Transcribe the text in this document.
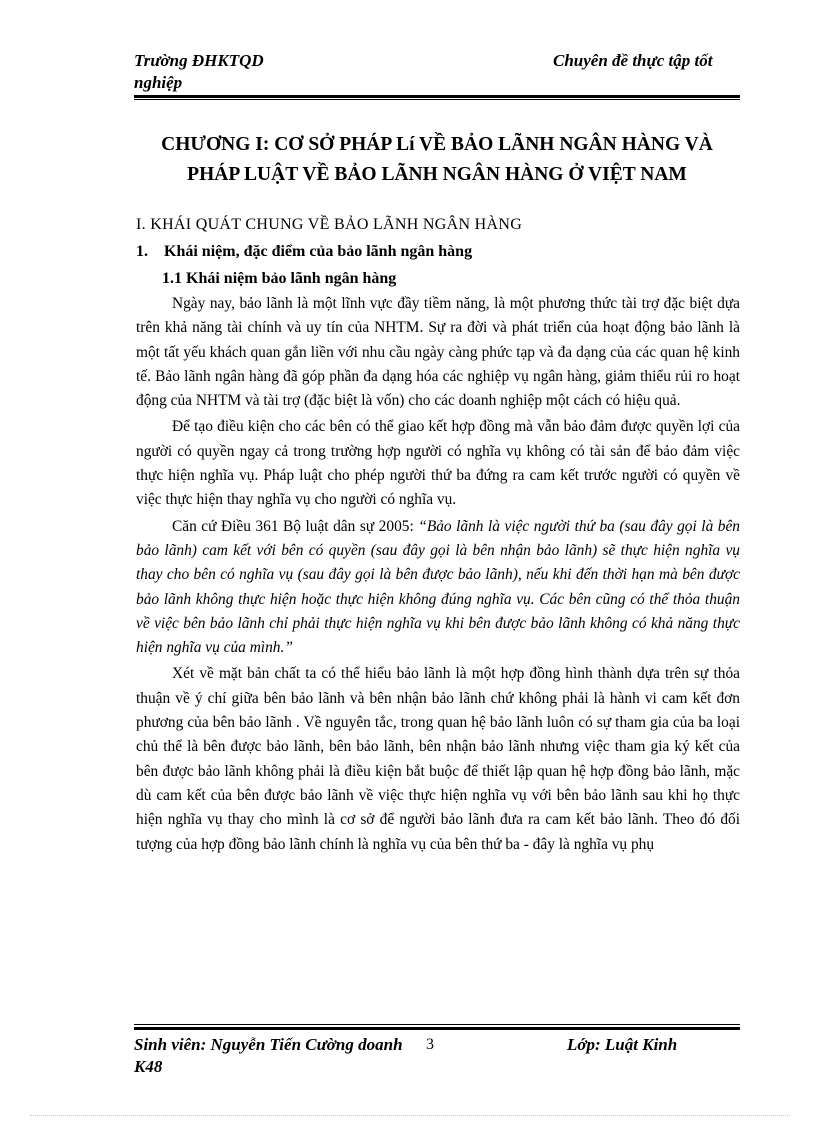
Trường ĐHKTQD nghiệp
Chuyên đề thực tập tốt
CHƯƠNG I: CƠ SỞ PHÁP Lí VỀ BẢO LÃNH NGÂN HÀNG VÀ
PHÁP LUẬT VỀ BẢO LÃNH NGÂN HÀNG Ở VIỆT NAM
I. KHÁI QUÁT CHUNG VỀ BẢO LÃNH NGÂN HÀNG
1. Khái niệm, đặc điểm của bảo lãnh ngân hàng
1.1 Khái niệm bảo lãnh ngân hàng

Ngày nay, bảo lãnh là một lĩnh vực đầy tiềm năng, là một phương thức tài trợ đặc biệt dựa trên khả năng tài chính và uy tín của NHTM. Sự ra đời và phát triển của hoạt động bảo lãnh là một tất yếu khách quan gắn liền với nhu cầu ngày càng phức tạp và đa dạng của các quan hệ kinh tế. Bảo lãnh ngân hàng đã góp phần đa dạng hóa các nghiệp vụ ngân hàng, giảm thiểu rủi ro hoạt động của NHTM và tài trợ (đặc biệt là vốn) cho các doanh nghiệp một cách có hiệu quả.

Để tạo điều kiện cho các bên có thể giao kết hợp đồng mà vẫn bảo đảm được quyền lợi của người có quyền ngay cả trong trường hợp người có nghĩa vụ không có tài sản để bảo đảm việc thực hiện nghĩa vụ. Pháp luật cho phép người thứ ba đứng ra cam kết trước người có quyền về việc thực hiện thay nghĩa vụ cho người có nghĩa vụ.

Căn cứ Điều 361 Bộ luật dân sự 2005: “Bảo lãnh là việc người thứ ba (sau đây gọi là bên bảo lãnh) cam kết với bên có quyền (sau đây gọi là bên nhận bảo lãnh) sẽ thực hiện nghĩa vụ thay cho bên có nghĩa vụ (sau đây gọi là bên được bảo lãnh), nếu khi đến thời hạn mà bên được bảo lãnh không thực hiện hoặc thực hiện không đúng nghĩa vụ. Các bên cũng có thể thỏa thuận về việc bên bảo lãnh chỉ phải thực hiện nghĩa vụ khi bên được bảo lãnh không có khả năng thực hiện nghĩa vụ của mình.”

Xét về mặt bản chất ta có thể hiểu bảo lãnh là một hợp đồng hình thành dựa trên sự thỏa thuận về ý chí giữa bên bảo lãnh và bên nhận bảo lãnh chứ không phải là hành vi cam kết đơn phương của bên bảo lãnh . Về nguyên tắc, trong quan hệ bảo lãnh luôn có sự tham gia của ba loại chủ thể là bên được bảo lãnh, bên bảo lãnh, bên nhận bảo lãnh nhưng việc tham gia ký kết của bên được bảo lãnh không phải là điều kiện bắt buộc để thiết lập quan hệ hợp đồng bảo lãnh, mặc dù cam kết của bên được bảo lãnh về việc thực hiện nghĩa vụ với bên bảo lãnh sau khi họ thực hiện nghĩa vụ thay cho mình là cơ sở để người bảo lãnh đưa ra cam kết bảo lãnh. Theo đó đối tượng của hợp đồng bảo lãnh chính là nghĩa vụ của bên thứ ba - đây là nghĩa vụ phụ

Sinh viên: Nguyễn Tiến Cường doanh K48
3	Lớp: Luật Kinh
